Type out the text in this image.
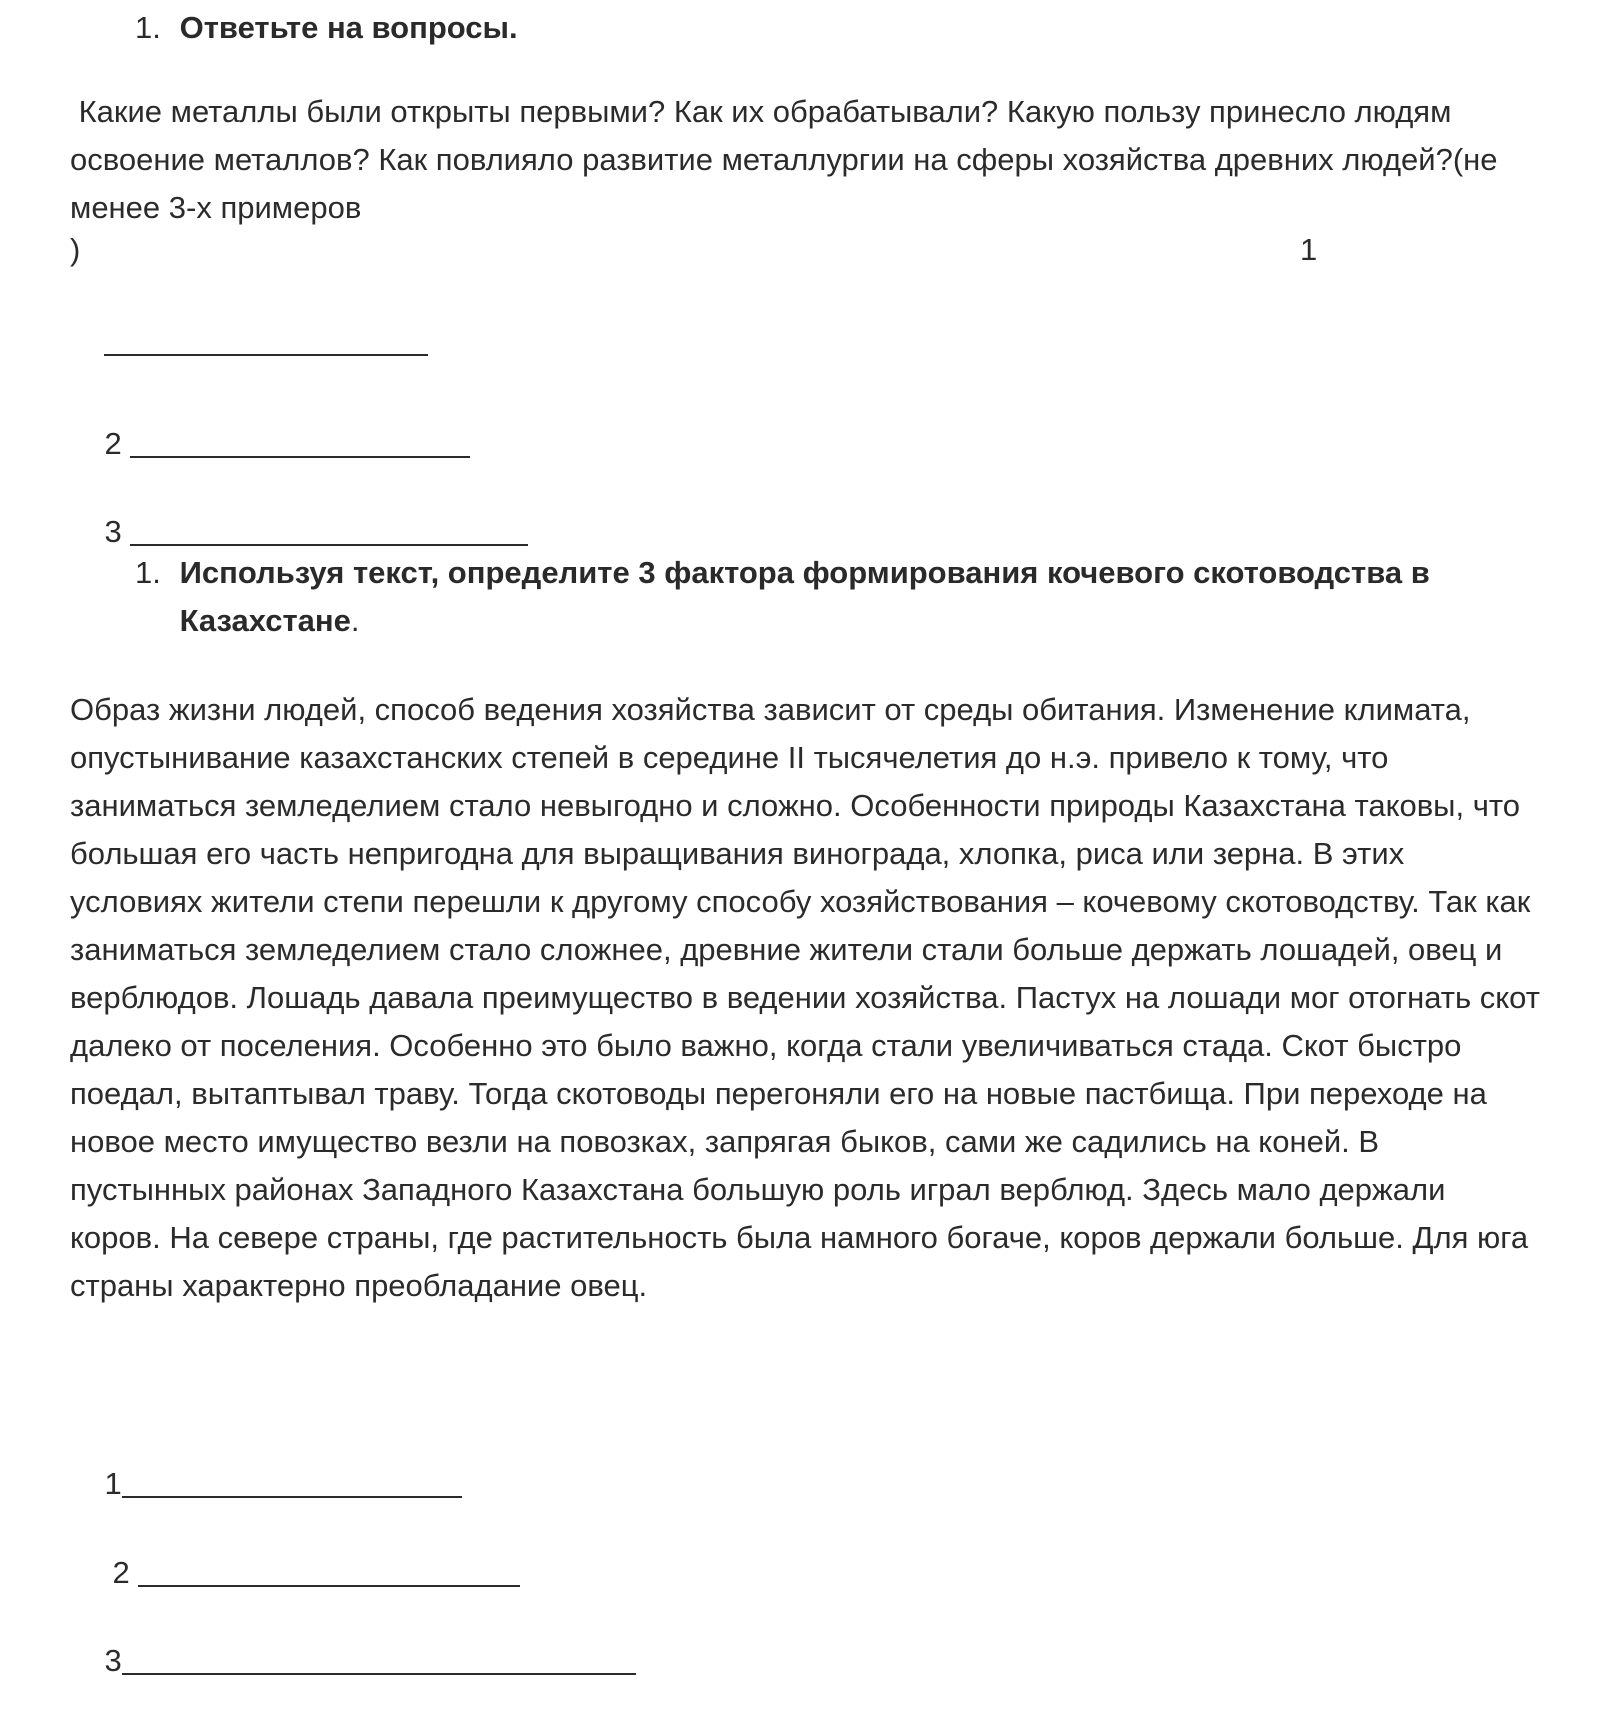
1. Ответьте на вопросы.

Какие металлы были открыты первыми? Как их обрабатывали? Какую пользу принесло людям освоение металлов? Как повлияло развитие металлургии на сферы хозяйства древних людей?(не менее 3-х примеров

)	1

2

3

1. Используя текст, определите 3 фактора формирования кочевого скотоводства в Казахстане.

Образ жизни людей, способ ведения хозяйства зависит от среды обитания. Изменение климата, опустынивание казахстанских степей в середине II тысячелетия до н.э. привело к тому, что заниматься земледелием стало невыгодно и сложно. Особенности природы Казахстана таковы, что большая его часть непригодна для выращивания винограда, хлопка, риса или зерна. В этих условиях жители степи перешли к другому способу хозяйствования – кочевому скотоводству. Так как заниматься земледелием стало сложнее, древние жители стали больше держать лошадей, овец и верблюдов. Лошадь давала преимущество в ведении хозяйства. Пастух на лошади мог отогнать скот далеко от поселения. Особенно это было важно, когда стали увеличиваться стада. Скот быстро поедал, вытаптывал траву. Тогда скотоводы перегоняли его на новые пастбища. При переходе на новое место имущество везли на повозках, запрягая быков, сами же садились на коней. В пустынных районах Западного Казахстана большую роль играл верблюд. Здесь мало держали коров. На севере страны, где растительность была намного богаче, коров держали больше. Для юга страны характерно преобладание овец.

1

2

3
